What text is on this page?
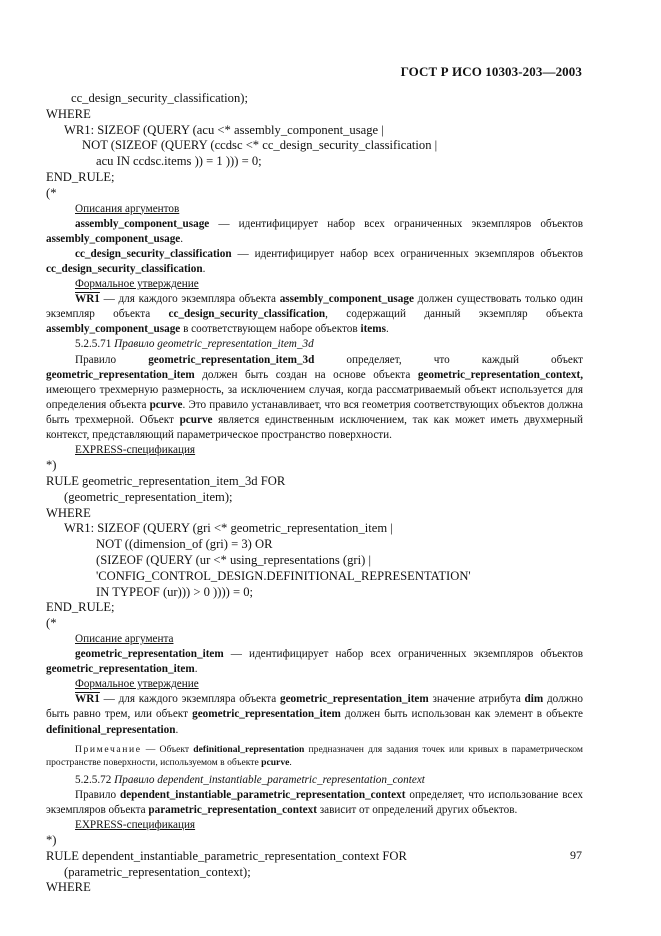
ГОСТ Р ИСО 10303-203—2003
cc_design_security_classification);
WHERE
WR1: SIZEOF (QUERY (acu <* assembly_component_usage |
NOT (SIZEOF (QUERY (ccdsc <* cc_design_security_classification |
acu IN ccdsc.items )) = 1 ))) = 0;
END_RULE;
(*
Описания аргументов

assembly_component_usage — идентифицирует набор всех ограниченных экземпляров объектов assembly_component_usage.

cc_design_security_classification — идентифицирует набор всех ограниченных экземпляров объектов cc_design_security_classification.

Формальное утверждение

WR1 — для каждого экземпляра объекта assembly_component_usage должен существовать только один экземпляр объекта cc_design_security_classification, содержащий данный экземпляр объекта assembly_component_usage в соответствующем наборе объектов items.

5.2.5.71 Правило geometric_representation_item_3d

Правило geometric_representation_item_3d определяет, что каждый объект geometric_representation_item должен быть создан на основе объекта geometric_representation_context, имеющего трехмерную размерность, за исключением случая, когда рассматриваемый объект используется для определения объекта pcurve. Это правило устанавливает, что вся геометрия соответствующих объектов должна быть трехмерной. Объект pcurve является единственным исключением, так как может иметь двухмерный контекст, представляющий параметрическое пространство поверхности.

EXPRESS-спецификация
*)
RULE geometric_representation_item_3d FOR
(geometric_representation_item);
WHERE
WR1: SIZEOF (QUERY (gri <* geometric_representation_item |
NOT ((dimension_of (gri) = 3) OR
(SIZEOF (QUERY (ur <* using_representations (gri) |
'CONFIG_CONTROL_DESIGN.DEFINITIONAL_REPRESENTATION'
IN TYPEOF (ur))) > 0 )))) = 0;
END_RULE;
(*
Описание аргумента

geometric_representation_item — идентифицирует набор всех ограниченных экземпляров объектов geometric_representation_item.

Формальное утверждение

WR1 — для каждого экземпляра объекта geometric_representation_item значение атрибута dim должно быть равно трем, или объект geometric_representation_item должен быть использован как элемент в объекте definitional_representation.

Примечание — Объект definitional_representation предназначен для задания точек или кривых в параметрическом пространстве поверхности, используемом в объекте pcurve.

5.2.5.72 Правило dependent_instantiable_parametric_representation_context

Правило dependent_instantiable_parametric_representation_context определяет, что использование всех экземпляров объекта parametric_representation_context зависит от определений других объектов.

EXPRESS-спецификация
*)
RULE dependent_instantiable_parametric_representation_context FOR
(parametric_representation_context);
WHERE
97
